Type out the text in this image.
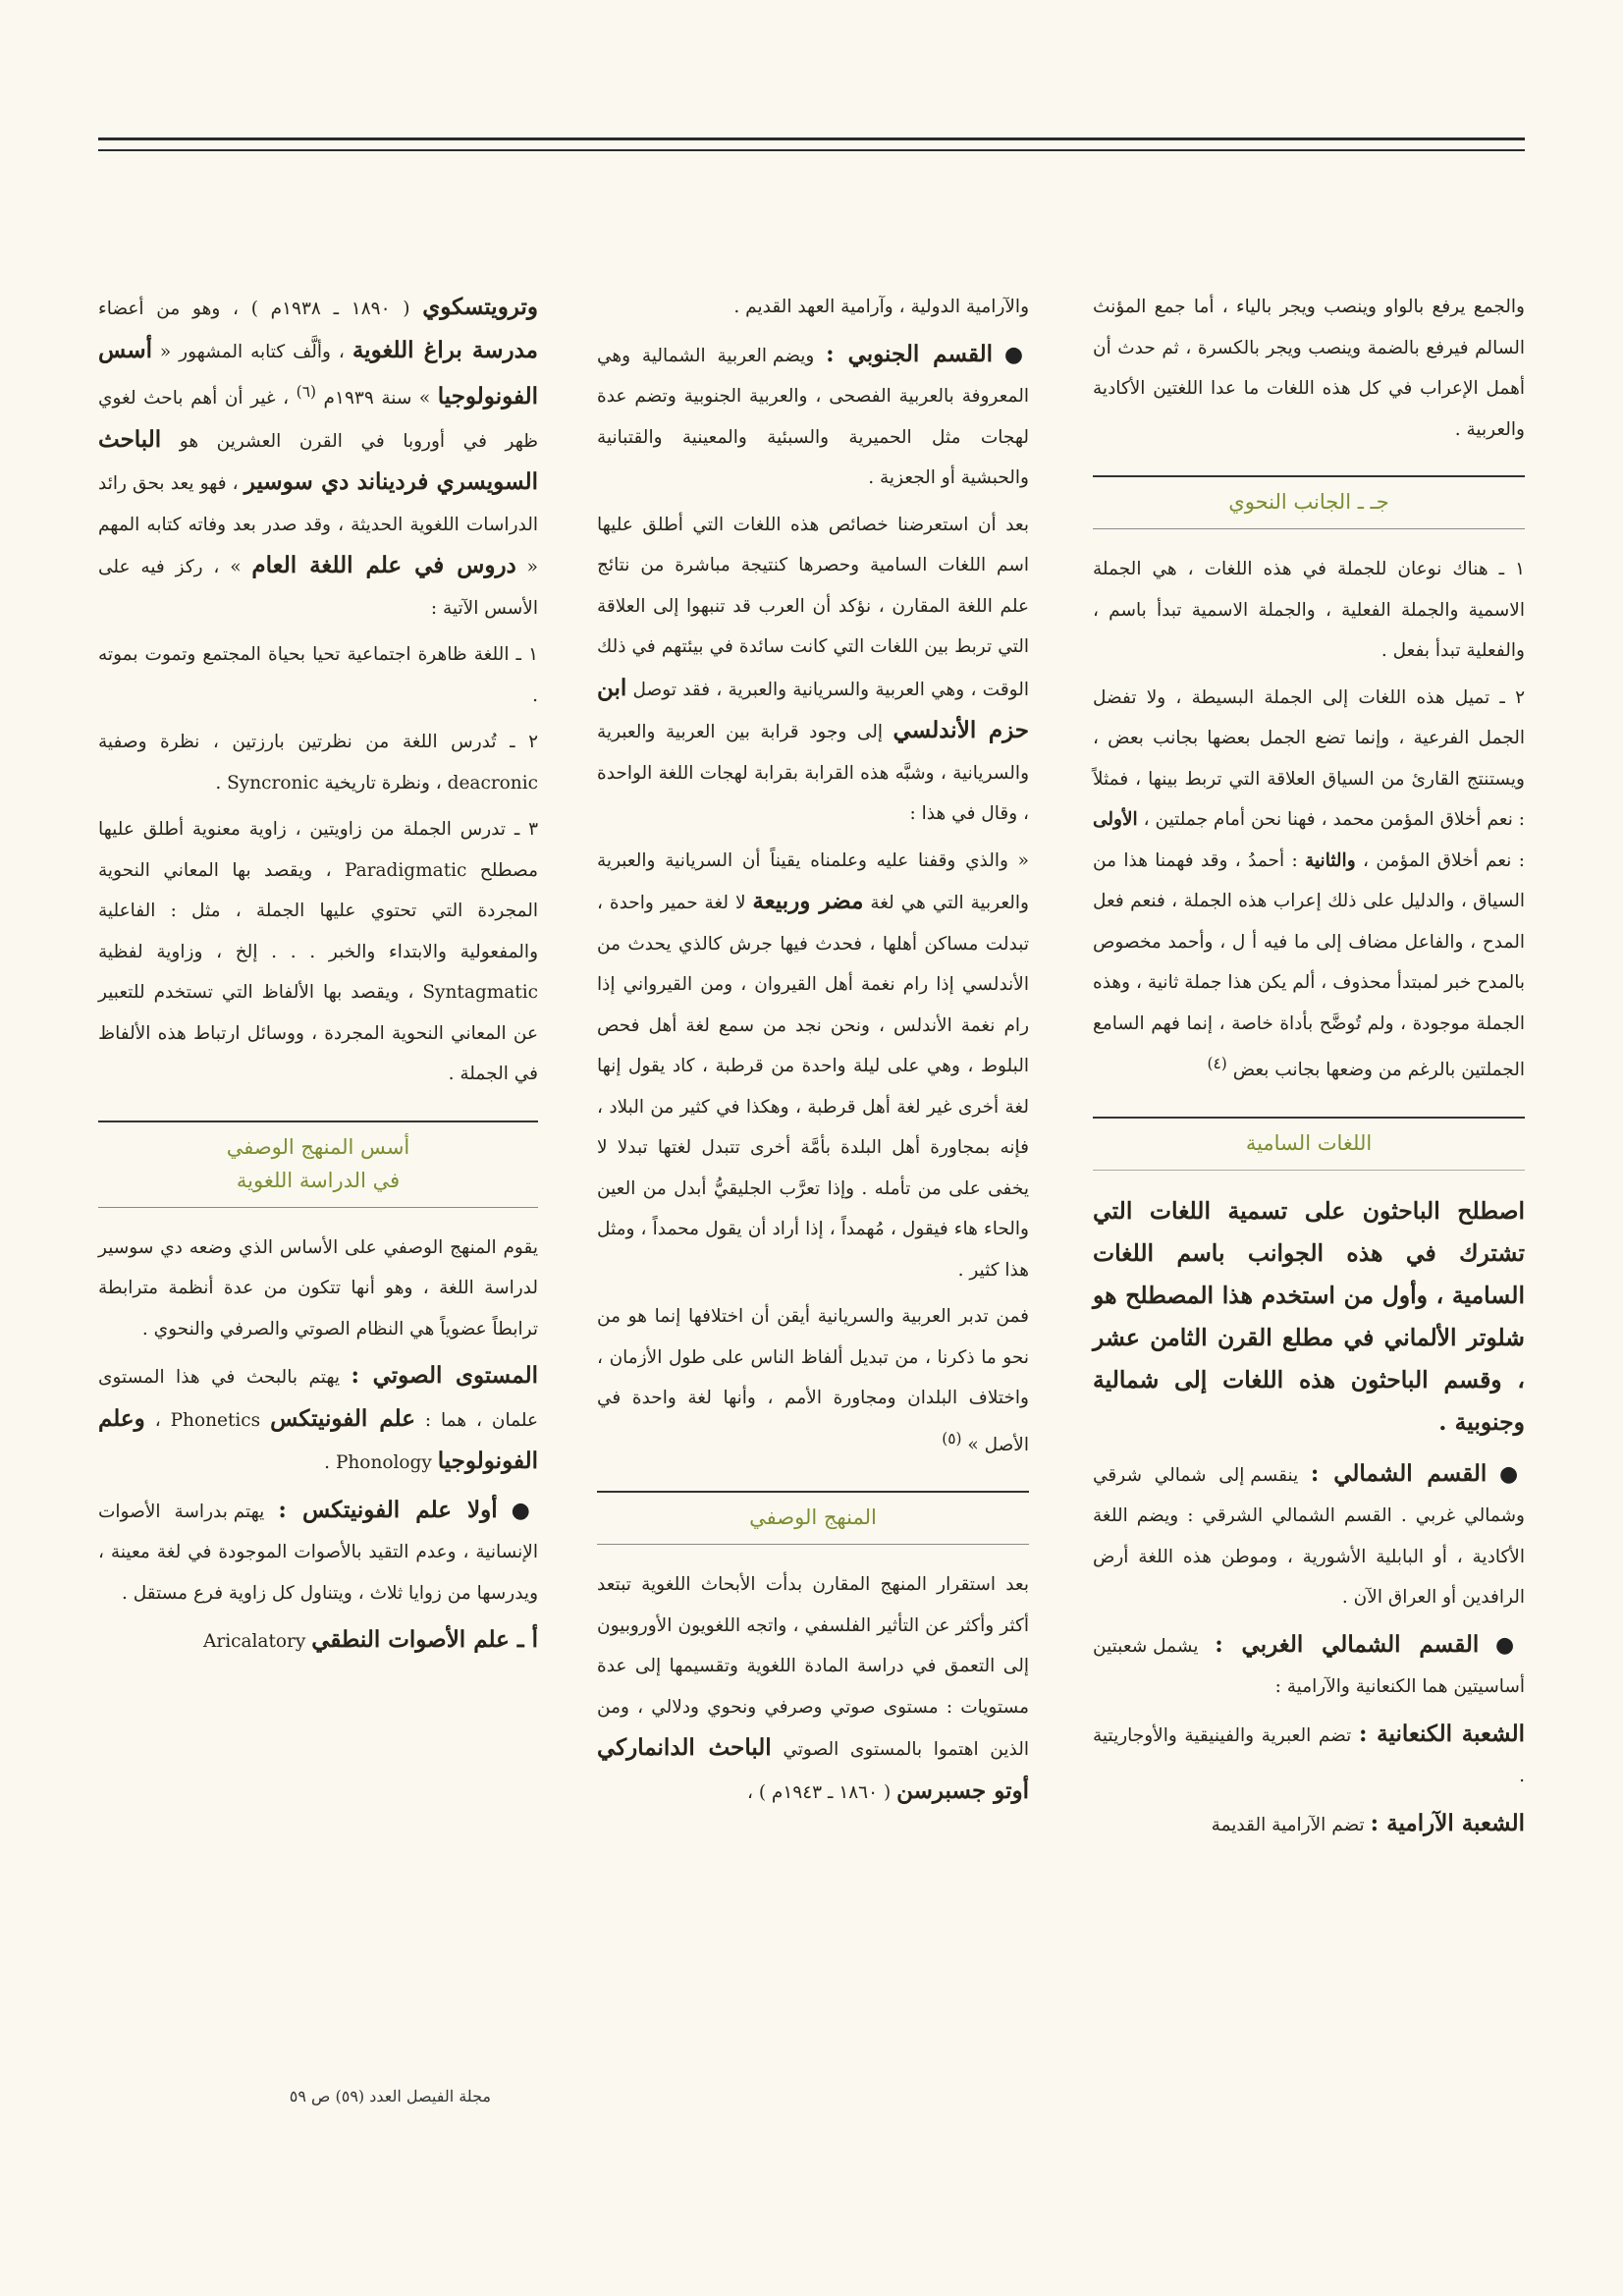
والجمع يرفع بالواو وينصب ويجر بالياء ، أما جمع المؤنث السالم فيرفع بالضمة وينصب ويجر بالكسرة ، ثم حدث أن أهمل الإعراب في كل هذه اللغات ما عدا اللغتين الأكادية والعربية .

جـ ـ الجانب النحوي

١ ـ هناك نوعان للجملة في هذه اللغات ، هي الجملة الاسمية والجملة الفعلية ، والجملة الاسمية تبدأ باسم ، والفعلية تبدأ بفعل .

٢ ـ تميل هذه اللغات إلى الجملة البسيطة ، ولا تفضل الجمل الفرعية ، وإنما تضع الجمل بعضها بجانب بعض ، ويستنتج القارئ من السياق العلاقة التي تربط بينها ، فمثلاً : نعم أخلاق المؤمن محمد ، فهنا نحن أمام جملتين ، الأولى : نعم أخلاق المؤمن ، والثانية : أحمدُ ، وقد فهمنا هذا من السياق ، والدليل على ذلك إعراب هذه الجملة ، فنعم فعل المدح ، والفاعل مضاف إلى ما فيه أ ل ، وأحمد مخصوص بالمدح خبر لمبتدأ محذوف ، ألم يكن هذا جملة ثانية ، وهذه الجملة موجودة ، ولم تُوضَّح بأداة خاصة ، إنما فهم السامع الجملتين بالرغم من وضعها بجانب بعض $^{(٤)}$

اللغات السامية

اصطلح الباحثون على تسمية اللغات التي تشترك في هذه الجوانب باسم اللغات السامية ، وأول من استخدم هذا المصطلح هو شلوتر الألماني في مطلع القرن الثامن عشر ، وقسم الباحثون هذه اللغات إلى شمالية وجنوبية .

● القسم الشمالي : ينقسم إلى شمالي شرقي وشمالي غربي . القسم الشمالي الشرقي : ويضم اللغة الأكادية ، أو البابلية الأشورية ، وموطن هذه اللغة أرض الرافدين أو العراق الآن .

● القسم الشمالي الغربي : يشمل شعبتين أساسيتين هما الكنعانية والآرامية :

الشعبة الكنعانية : تضم العبرية والفينيقية والأوجاريتية .

الشعبة الآرامية : تضم الآرامية القديمة

والآرامية الدولية ، وآرامية العهد القديم .

● القسم الجنوبي : ويضم العربية الشمالية وهي المعروفة بالعربية الفصحى ، والعربية الجنوبية وتضم عدة لهجات مثل الحميرية والسبئية والمعينية والقتبانية والحبشية أو الجعزية .

بعد أن استعرضنا خصائص هذه اللغات التي أطلق عليها اسم اللغات السامية وحصرها كنتيجة مباشرة من نتائج علم اللغة المقارن ، نؤكد أن العرب قد تنبهوا إلى العلاقة التي تربط بين اللغات التي كانت سائدة في بيئتهم في ذلك الوقت ، وهي العربية والسريانية والعبرية ، فقد توصل ابن حزم الأندلسي إلى وجود قرابة بين العربية والعبرية والسريانية ، وشبَّه هذه القرابة بقرابة لهجات اللغة الواحدة ، وقال في هذا :

« والذي وقفنا عليه وعلمناه يقيناً أن السريانية والعبرية والعربية التي هي لغة مضر وربيعة لا لغة حمير واحدة ، تبدلت مساكن أهلها ، فحدث فيها جرش كالذي يحدث من الأندلسي إذا رام نغمة أهل القيروان ، ومن القيرواني إذا رام نغمة الأندلس ، ونحن نجد من سمع لغة أهل فحص البلوط ، وهي على ليلة واحدة من قرطبة ، كاد يقول إنها لغة أخرى غير لغة أهل قرطبة ، وهكذا في كثير من البلاد ، فإنه بمجاورة أهل البلدة بأمَّة أخرى تتبدل لغتها تبدلا لا يخفى على من تأمله . وإذا تعرَّب الجليقيُّ أبدل من العين والحاء هاء فيقول ، مُهمداً ، إذا أراد أن يقول محمداً ، ومثل هذا كثير .

فمن تدبر العربية والسريانية أيقن أن اختلافها إنما هو من نحو ما ذكرنا ، من تبديل ألفاظ الناس على طول الأزمان ، واختلاف البلدان ومجاورة الأمم ، وأنها لغة واحدة في الأصل » $^{(٥)}$

المنهج الوصفي

بعد استقرار المنهج المقارن بدأت الأبحاث اللغوية تبتعد أكثر وأكثر عن التأثير الفلسفي ، واتجه اللغويون الأوروبيون إلى التعمق في دراسة المادة اللغوية وتقسيمها إلى عدة مستويات : مستوى صوتي وصرفي ونحوي ودلالي ، ومن الذين اهتموا بالمستوى الصوتي الباحث الدانماركي أوتو جسبرسن ( ١٨٦٠ ـ ١٩٤٣م ) ،

وترويتسكوي ( ١٨٩٠ ـ ١٩٣٨م ) ، وهو من أعضاء مدرسة براغ اللغوية ، وألَّف كتابه المشهور « أسس الفونولوجيا » سنة ١٩٣٩م $^{(٦)}$ ، غير أن أهم باحث لغوي ظهر في أوروبا في القرن العشرين هو الباحث السويسري فرديناند دي سوسير ، فهو يعد بحق رائد الدراسات اللغوية الحديثة ، وقد صدر بعد وفاته كتابه المهم « دروس في علم اللغة العام » ، ركز فيه على الأسس الآتية :

١ ـ اللغة ظاهرة اجتماعية تحيا بحياة المجتمع وتموت بموته .

٢ ـ تُدرس اللغة من نظرتين بارزتين ، نظرة وصفية deacronic ، ونظرة تاريخية Syncronic .

٣ ـ تدرس الجملة من زاويتين ، زاوية معنوية أطلق عليها مصطلح Paradigmatic ، ويقصد بها المعاني النحوية المجردة التي تحتوي عليها الجملة ، مثل : الفاعلية والمفعولية والابتداء والخبر . . . إلخ ، وزاوية لفظية Syntagmatic ، ويقصد بها الألفاظ التي تستخدم للتعبير عن المعاني النحوية المجردة ، ووسائل ارتباط هذه الألفاظ في الجملة .

أسس المنهج الوصفي
في الدراسة اللغوية

يقوم المنهج الوصفي على الأساس الذي وضعه دي سوسير لدراسة اللغة ، وهو أنها تتكون من عدة أنظمة مترابطة ترابطاً عضوياً هي النظام الصوتي والصرفي والنحوي .

المستوى الصوتي : يهتم بالبحث في هذا المستوى علمان ، هما : علم الفونيتكس Phonetics ، وعلم الفونولوجيا Phonology .

● أولا علم الفونيتكس : يهتم بدراسة الأصوات الإنسانية ، وعدم التقيد بالأصوات الموجودة في لغة معينة ، ويدرسها من زوايا ثلاث ، ويتناول كل زاوية فرع مستقل .

أ ـ علم الأصوات النطقي Aricalatory

مجلة الفيصل العدد (٥٩) ص ٥٩
